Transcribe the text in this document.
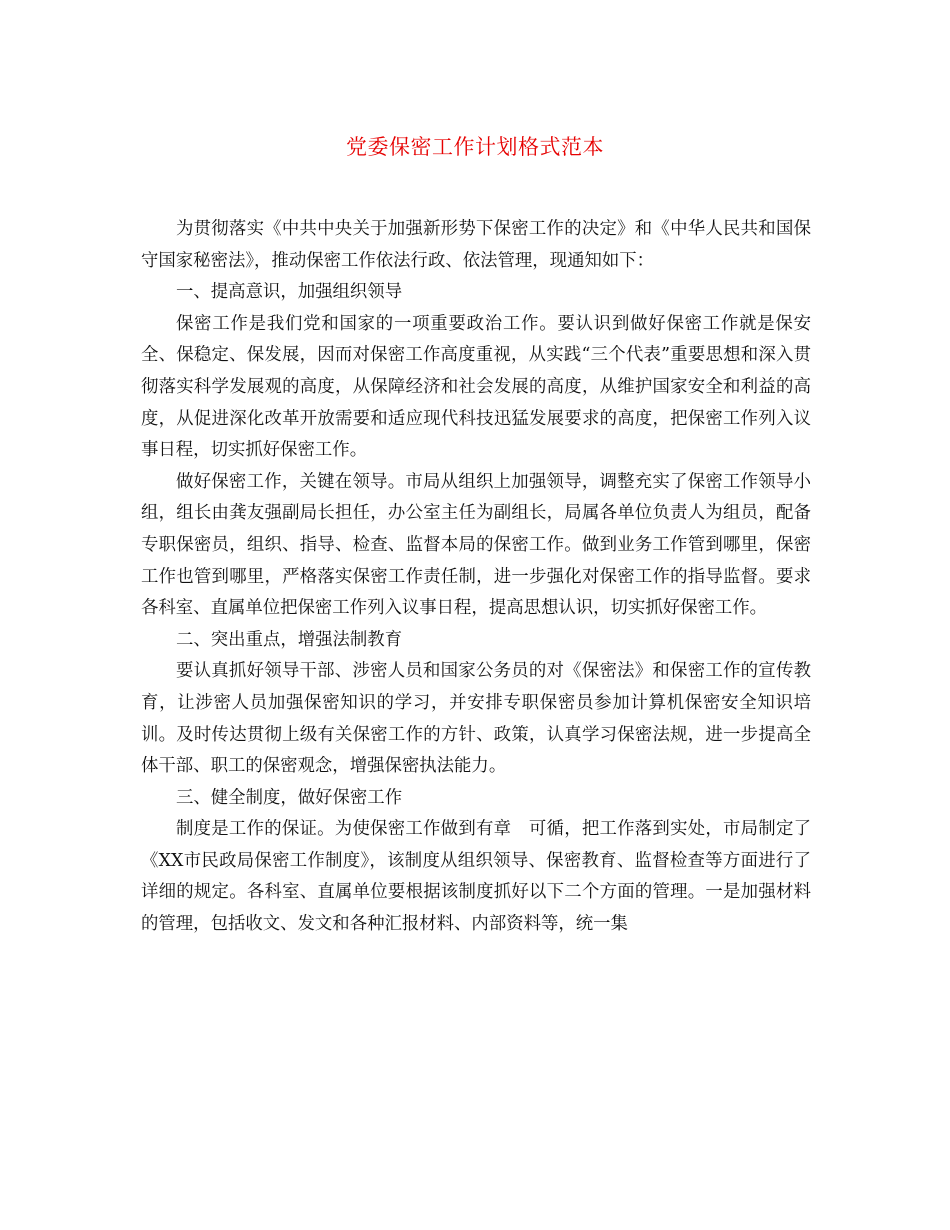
党委保密工作计划格式范本

为贯彻落实《中共中央关于加强新形势下保密工作的决定》和《中华人民共和国保守国家秘密法》，推动保密工作依法行政、依法管理，现通知如下：

一、提高意识，加强组织领导

保密工作是我们党和国家的一项重要政治工作。要认识到做好保密工作就是保安全、保稳定、保发展，因而对保密工作高度重视，从实践“三个代表”重要思想和深入贯彻落实科学发展观的高度，从保障经济和社会发展的高度，从维护国家安全和利益的高度，从促进深化改革开放需要和适应现代科技迅猛发展要求的高度，把保密工作列入议事日程，切实抓好保密工作。

做好保密工作，关键在领导。市局从组织上加强领导，调整充实了保密工作领导小组，组长由龚友强副局长担任，办公室主任为副组长，局属各单位负责人为组员，配备专职保密员，组织、指导、检查、监督本局的保密工作。做到业务工作管到哪里，保密工作也管到哪里，严格落实保密工作责任制，进一步强化对保密工作的指导监督。要求各科室、直属单位把保密工作列入议事日程，提高思想认识，切实抓好保密工作。

二、突出重点，增强法制教育

要认真抓好领导干部、涉密人员和国家公务员的对《保密法》和保密工作的宣传教育，让涉密人员加强保密知识的学习，并安排专职保密员参加计算机保密安全知识培训。及时传达贯彻上级有关保密工作的方针、政策，认真学习保密法规，进一步提高全体干部、职工的保密观念，增强保密执法能力。

三、健全制度，做好保密工作

制度是工作的保证。为使保密工作做到有章　可循，把工作落到实处，市局制定了《XX市民政局保密工作制度》，该制度从组织领导、保密教育、监督检查等方面进行了详细的规定。各科室、直属单位要根据该制度抓好以下二个方面的管理。一是加强材料的管理，包括收文、发文和各种汇报材料、内部资料等，统一集
